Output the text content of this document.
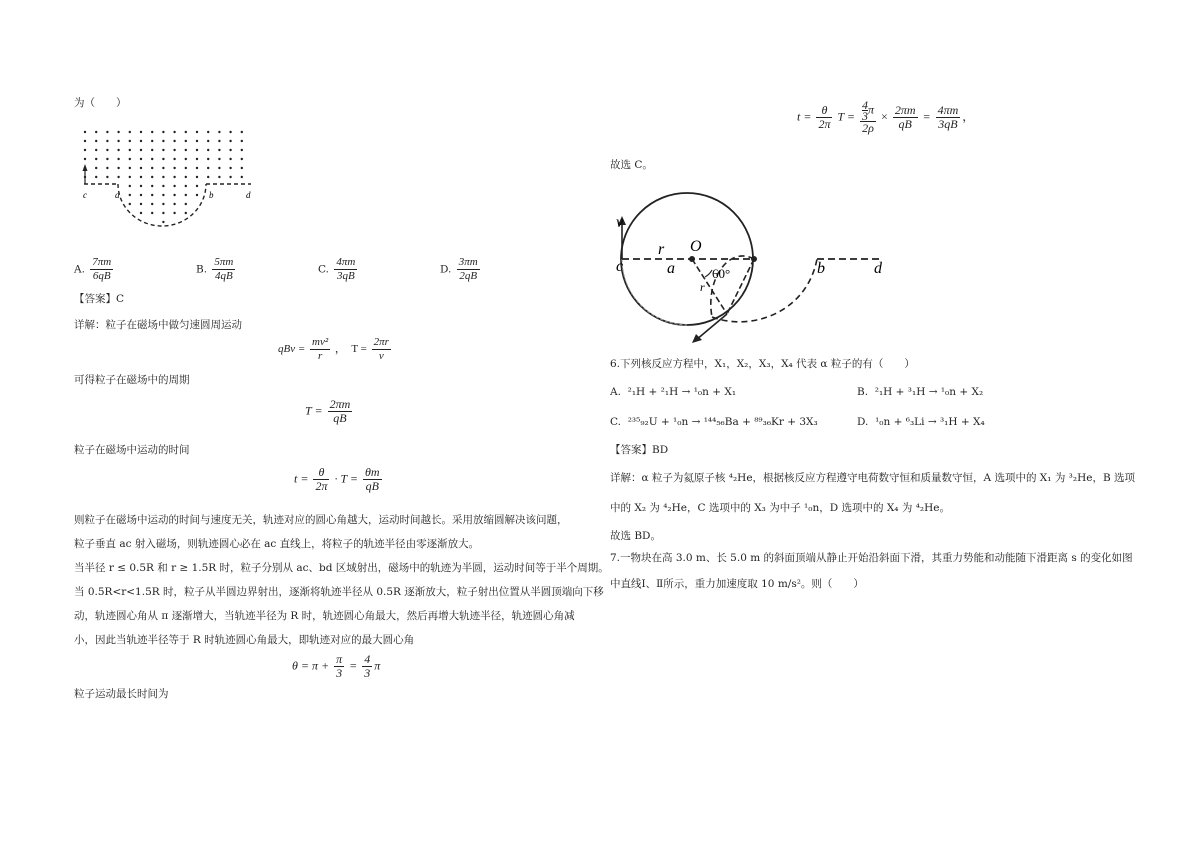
为（　　）
c	a	b	d
A. $\frac{7\pi m}{6qB}$	B. $\frac{5\pi m}{4qB}$	C. $\frac{4\pi m}{3qB}$	D. $\frac{3\pi m}{2qB}$
【答案】C
详解：粒子在磁场中做匀速圆周运动
qBv = $\frac{\text{mv²}}{r}$ ，　$T = \frac{2\pi r}{v}$
可得粒子在磁场中的周期
$T = \frac{2\pi m}{qB}$
粒子在磁场中运动的时间
$t = \frac{\theta}{2\pi} \cdot T = \frac{\theta m}{qB}$
则粒子在磁场中运动的时间与速度无关，轨迹对应的圆心角越大，运动时间越长。采用放缩圆解决该问题，
粒子垂直 ac 射入磁场，则轨迹圆心必在 ac 直线上，将粒子的轨迹半径由零逐渐放大。
当半径 r ≤ 0.5R 和 r ≥ 1.5R 时，粒子分别从 ac、bd 区域射出，磁场中的轨迹为半圆，运动时间等于半个周期。
当 0.5R<r<1.5R 时，粒子从半圆边界射出，逐渐将轨迹半径从 0.5R 逐渐放大，粒子射出位置从半圆顶端向下移
动，轨迹圆心角从 π 逐渐增大，当轨迹半径为 R 时，轨迹圆心角最大，然后再增大轨迹半径，轨迹圆心角减
小，因此当轨迹半径等于 R 时轨迹圆心角最大，即轨迹对应的最大圆心角
$\theta = \pi + \frac{\pi}{3} = \frac{4}{3}$ π
粒子运动最长时间为
$t = \frac{\theta}{2\pi}$ $T = \frac{\frac{4}{3} \pi}{2\rho} \times \frac{2\pi m}{qB} = \frac{4\pi m}{3qB}$ ，
故选 C。
v
r O
c	a	60°
r
b	d
6.下列核反应方程中，X₁，X₂，X₃，X₄ 代表 α 粒子的有（　　）
A. ²₁H + ²₁H → ¹₀n + X₁	B. ²₁H + ³₁H → ¹₀n + X₂
C. ²³⁵₉₂U + ¹₀n → ¹⁴⁴₅₆Ba + ⁸⁹₃₆Kr + 3X₃	D. ¹₀n + ⁶₃Li → ³₁H + X₄
【答案】BD
详解：α 粒子为氦原子核 ⁴₂He，根据核反应方程遵守电荷数守恒和质量数守恒，A 选项中的 X₁ 为 ³₂He，B 选项
中的 X₂ 为 ⁴₂He，C 选项中的 X₃ 为中子 ¹₀n，D 选项中的 X₄ 为 ⁴₂He。
故选 BD。
7.一物块在高 3.0 m、长 5.0 m 的斜面顶端从静止开始沿斜面下滑，其重力势能和动能随下滑距离 s 的变化如图
中直线Ⅰ、Ⅱ所示，重力加速度取 10 m/s²。则（　　）
